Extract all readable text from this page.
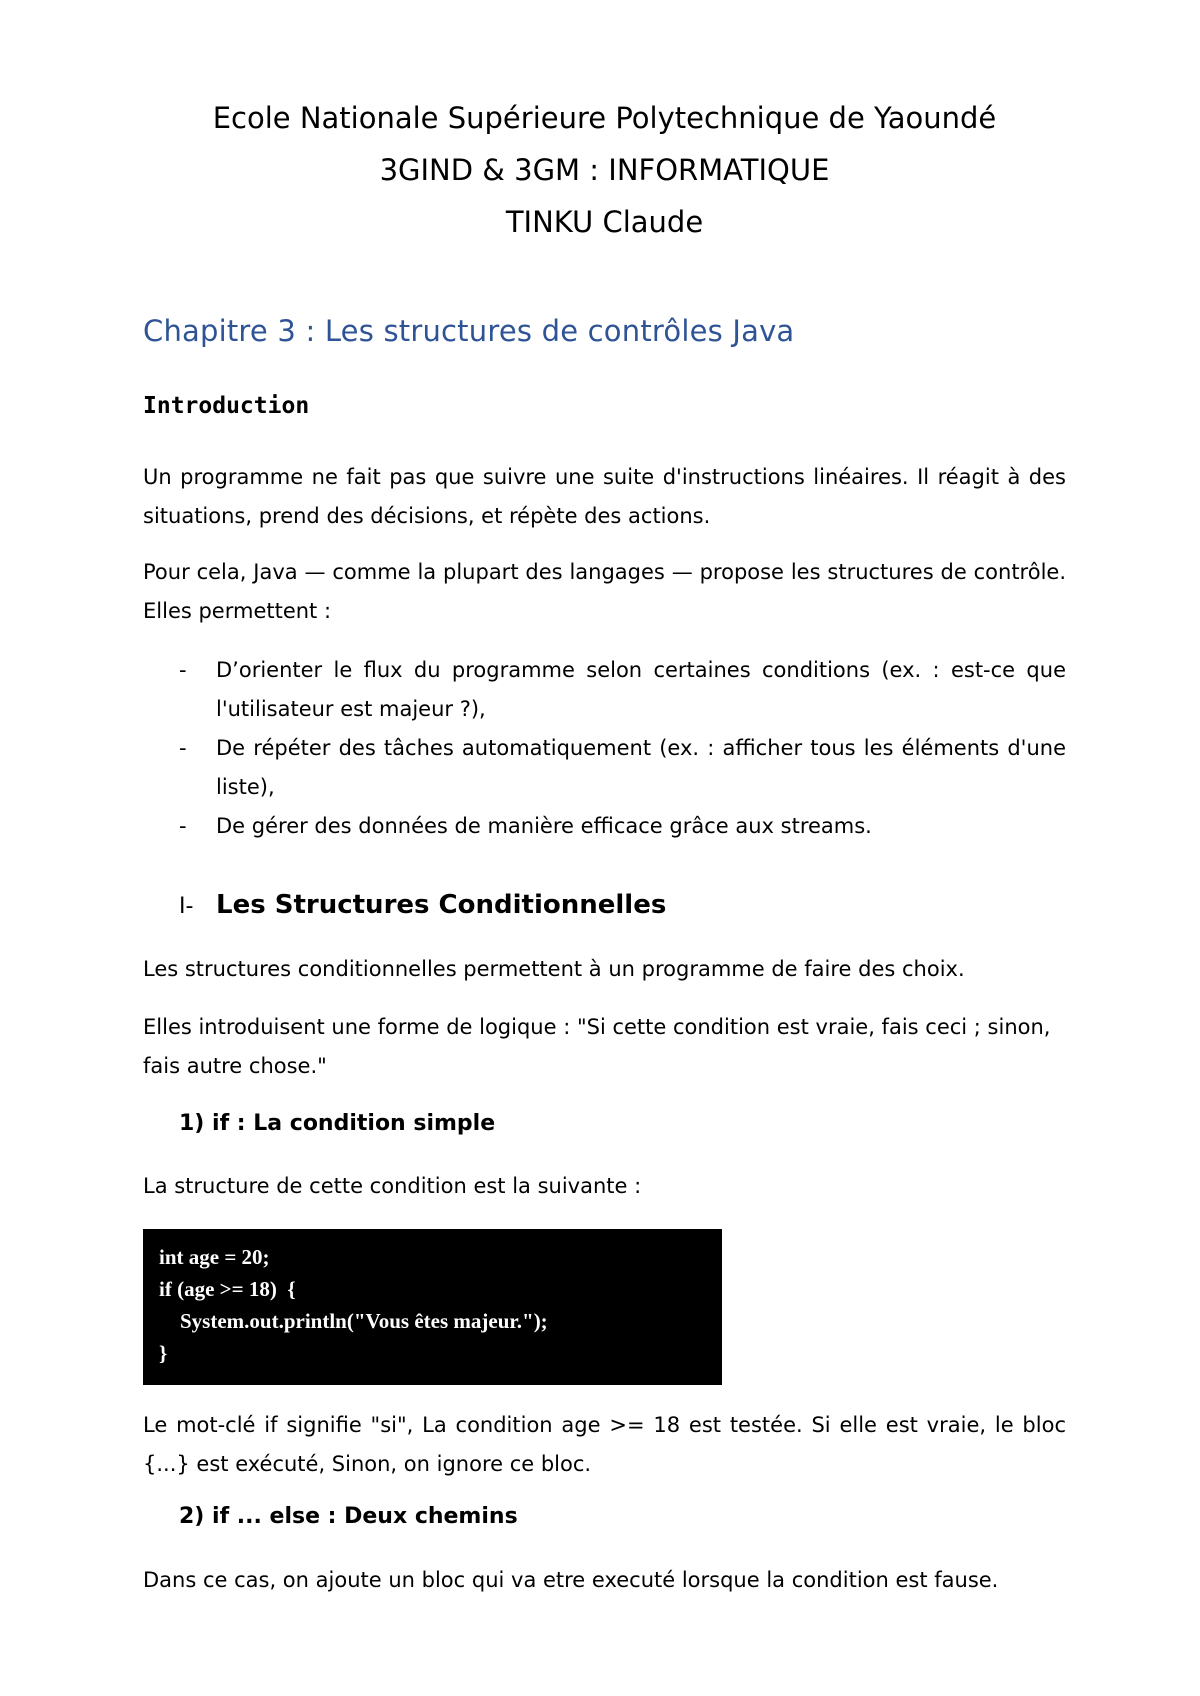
Ecole Nationale Supérieure Polytechnique de Yaoundé
3GIND & 3GM : INFORMATIQUE
TINKU Claude
Chapitre 3 : Les structures de contrôles Java
Introduction
Un programme ne fait pas que suivre une suite d'instructions linéaires. Il réagit à des situations, prend des décisions, et répète des actions.
Pour cela, Java — comme la plupart des langages — propose les structures de contrôle. Elles permettent :
- D’orienter le flux du programme selon certaines conditions (ex. : est-ce que l'utilisateur est majeur ?),
- De répéter des tâches automatiquement (ex. : afficher tous les éléments d'une liste),
- De gérer des données de manière efficace grâce aux streams.
I- Les Structures Conditionnelles
Les structures conditionnelles permettent à un programme de faire des choix.
Elles introduisent une forme de logique : "Si cette condition est vraie, fais ceci ; sinon, fais autre chose."
1) if : La condition simple
La structure de cette condition est la suivante :
int age = 20;
if (age >= 18)  {
System.out.println("Vous êtes majeur.");
}
Le mot-clé if signifie "si", La condition age >= 18 est testée. Si elle est vraie, le bloc {...} est exécuté, Sinon, on ignore ce bloc.
2) if ... else : Deux chemins
Dans ce cas, on ajoute un bloc qui va etre executé lorsque la condition est fause.
